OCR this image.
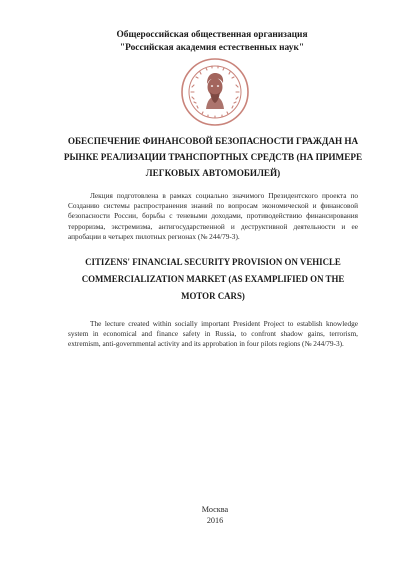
Общероссийская общественная организация
"Российская академия естественных наук"
ОБЕСПЕЧЕНИЕ ФИНАНСОВОЙ БЕЗОПАСНОСТИ ГРАЖДАН НА
РЫНКЕ РЕАЛИЗАЦИИ ТРАНСПОРТНЫХ СРЕДСТВ (НА ПРИМЕРЕ
ЛЕГКОВЫХ АВТОМОБИЛЕЙ)
Лекция подготовлена в рамках социально значимого Президентского проекта по Созданию системы распространения знаний по вопросам экономической и финансовой безопасности России, борьбы с теневыми доходами, противодействию финансирования терроризма, экстремизма, антигосударственной и деструктивной деятельности и ее апробации в четырех пилотных регионах (№ 244/79-3).
CITIZENS' FINANCIAL SECURITY PROVISION ON VEHICLE
COMMERCIALIZATION MARKET (AS EXAMPLIFIED ON THE
MOTOR CARS)
The lecture created within socially important President Project to establish knowledge system in economical and finance safety in Russia, to confront shadow gains, terrorism, extremism, anti-governmental activity and its approbation in four pilots regions (№ 244/79-3).
Москва
2016
